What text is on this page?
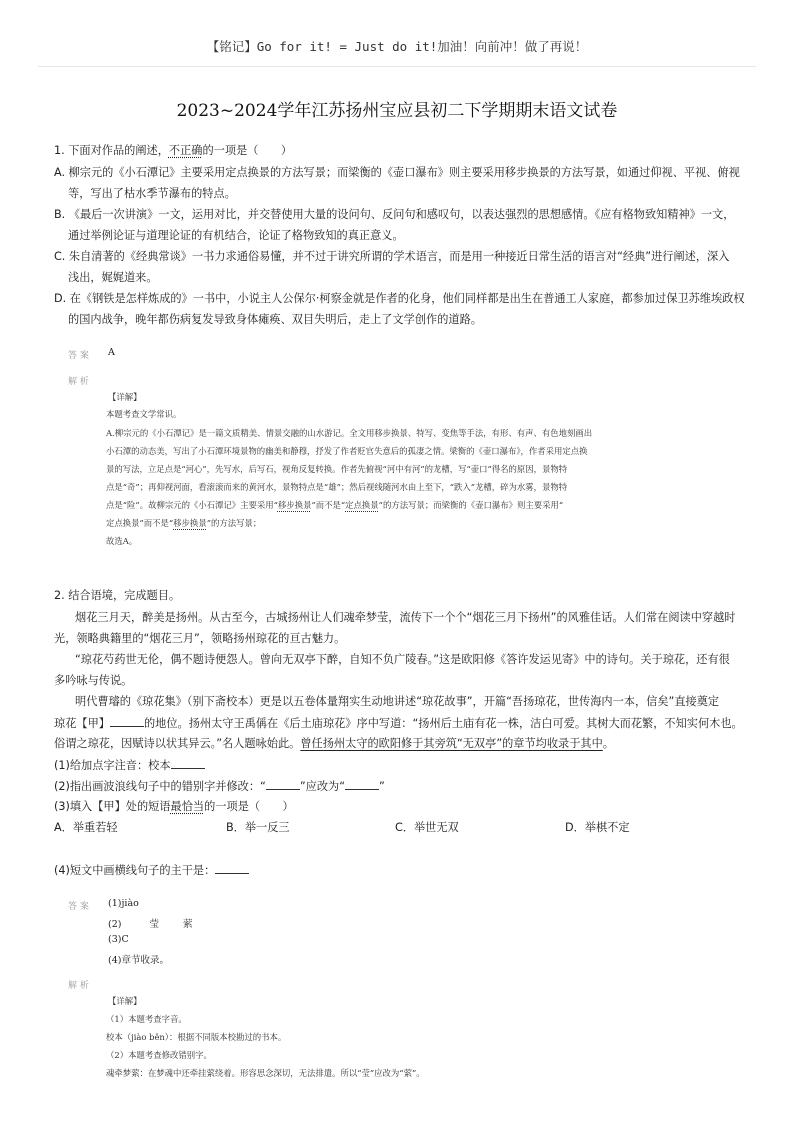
【铭记】Go for it! = Just do it!加油！向前冲！做了再说！
2023~2024学年江苏扬州宝应县初二下学期期末语文试卷
1. 下面对作品的阐述，不正确的一项是（　　）
A. 柳宗元的《小石潭记》主要采用定点换景的方法写景；而梁衡的《壶口瀑布》则主要采用移步换景的方法写景，如通过仰视、平视、俯视
等，写出了枯水季节瀑布的特点。
B. 《最后一次讲演》一文，运用对比，并交替使用大量的设问句、反问句和感叹句，以表达强烈的思想感情。《应有格物致知精神》一文，
通过举例论证与道理论证的有机结合，论证了格物致知的真正意义。
C. 朱自清著的《经典常谈》一书力求通俗易懂，并不过于讲究所谓的学术语言，而是用一种接近日常生活的语言对“经典”进行阐述，深入
浅出，娓娓道来。
D. 在《钢铁是怎样炼成的》一书中，小说主人公保尔·柯察金就是作者的化身，他们同样都是出生在普通工人家庭，都参加过保卫苏维埃政权
的国内战争，晚年都伤病复发导致身体瘫痪、双目失明后，走上了文学创作的道路。
答 案 A
解 析
【详解】
本题考查文学常识。
A.柳宗元的《小石潭记》是一篇文质精美、情景交融的山水游记。全文用移步换景、特写、变焦等手法，有形、有声、有色地刻画出
小石潭的动态美，写出了小石潭环境景物的幽美和静穆，抒发了作者贬官失意后的孤凄之情。梁衡的《壶口瀑布》，作者采用定点换
景的写法，立足点是“河心”，先写水，后写石，视角反复转换。作者先俯视“河中有河”的龙槽，写“壶口”得名的原因，景物特
点是“奇”；再仰视河面，看滚滚而来的黄河水，景物特点是“雄”；然后视线随河水由上至下，“跌入”龙槽，碎为水雾，景物特
点是“险”。故柳宗元的《小石潭记》主要采用“移步换景”而不是“定点换景”的方法写景；而梁衡的《壶口瀑布》则主要采用“
定点换景”而不是“移步换景”的方法写景；
故选A。
2. 结合语境，完成题目。
烟花三月天，醉美是扬州。从古至今，古城扬州让人们魂牵梦莹，流传下一个个“烟花三月下扬州”的风雅佳话。人们常在阅读中穿越时
光，领略典籍里的“烟花三月”，领略扬州琼花的亘古魅力。
“琼花芍药世无伦，偶不题诗便怨人。曾向无双亭下醉，自知不负广陵春。”这是欧阳修《答许发运见寄》中的诗句。关于琼花，还有很
多吟咏与传说。
明代曹璿的《琼花集》（别下斋校本）更是以五卷体量翔实生动地讲述“琼花故事”，开篇“吾扬琼花，世传海内一本，信矣”直接奠定
琼花【甲】	的地位。扬州太守王禹偁在《后土庙琼花》序中写道：“扬州后土庙有花一株，洁白可爱。其树大而花繁，不知实何木也。
俗谓之琼花，因赋诗以状其异云。”名人题咏始此。曾任扬州太守的欧阳修于其旁筑“无双亭”的章节均收录于其中。
(1)给加点字注音：校本
(2)指出画波浪线句子中的错别字并修改：“	”应改为“	”
(3)填入【甲】处的短语最恰当的一项是（　　）
A．举重若轻	B．举一反三	C．举世无双	D．举棋不定
(4)短文中画横线句子的主干是：
答 案 (1)jiào
(2)	莹	萦
(3)C
(4)章节收录。
解 析
【详解】
（1）本题考查字音。
校本（jiào běn）：根据不同版本校勘过的书本。
（2）本题考查修改错别字。
魂牵梦萦：在梦魂中还牵挂萦绕着。形容思念深切，无法排遣。所以“莹”应改为“萦”。
